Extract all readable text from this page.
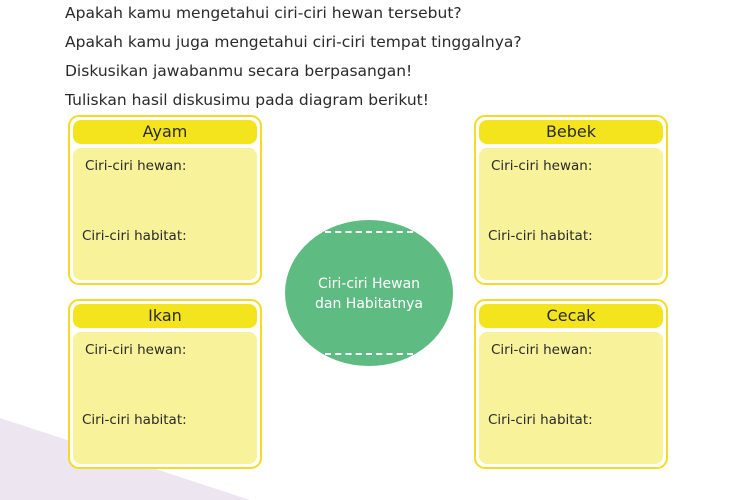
Apakah kamu mengetahui ciri-ciri hewan tersebut?
Apakah kamu juga mengetahui ciri-ciri tempat tinggalnya?
Diskusikan jawabanmu secara berpasangan!
Tuliskan hasil diskusimu pada diagram berikut!
Ayam
Ciri-ciri hewan:
Ciri-ciri habitat:
Bebek
Ciri-ciri hewan:
Ciri-ciri habitat:
Ikan
Ciri-ciri hewan:
Ciri-ciri habitat:
Cecak
Ciri-ciri hewan:
Ciri-ciri habitat:
Ciri-ciri Hewan
dan Habitatnya
